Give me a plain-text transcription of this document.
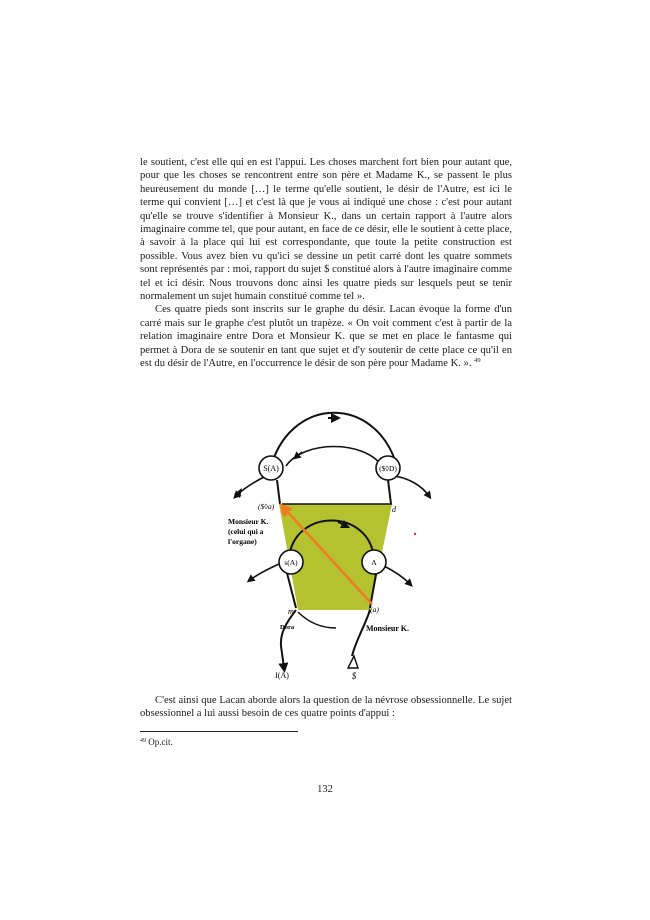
le soutient, c'est elle qui en est l'appui. Les choses marchent fort bien pour autant que, pour que les choses se rencontrent entre son père et Madame K., se passent le plus heureusement du monde […] le terme qu'elle soutient, le désir de l'Autre, est ici le terme qui convient […] et c'est là que je vous ai indiqué une chose : c'est pour autant qu'elle se trouve s'identifier à Monsieur K., dans un certain rapport à l'autre alors imaginaire comme tel, que pour autant, en face de ce désir, elle le soutient à cette place, à savoir à la place qui lui est correspondante, que toute la petite construction est possible. Vous avez bien vu qu'ici se dessine un petit carré dont les quatre sommets sont représentés par : moi, rapport du sujet $ constitué alors à l'autre imaginaire comme tel et ici désir. Nous trouvons donc ainsi les quatre pieds sur lesquels peut se tenir normalement un sujet humain constitué comme tel ».

Ces quatre pieds sont inscrits sur le graphe du désir. Lacan évoque la forme d'un carré mais sur le graphe c'est plutôt un trapèze. « On voit comment c'est à partir de la relation imaginaire entre Dora et Monsieur K. que se met en place le fantasme qui permet à Dora de se soutenir en tant que sujet et d'y soutenir de cette place ce qu'il en est du désir de l'Autre, en l'occurrence le désir de son père pour Madame K. ». $^{49}$

S(A)	($◊D)
($◊a)	d
s(A)	A
m	i(a)
I(A)	$
Monsieur K.
(celui qui a
l'organe)
Dora	Monsieur K.

C'est ainsi que Lacan aborde alors la question de la névrose obsessionnelle. Le sujet obsessionnel a lui aussi besoin de ces quatre points d'appui :

$^{49}$ Op.cit.
132
